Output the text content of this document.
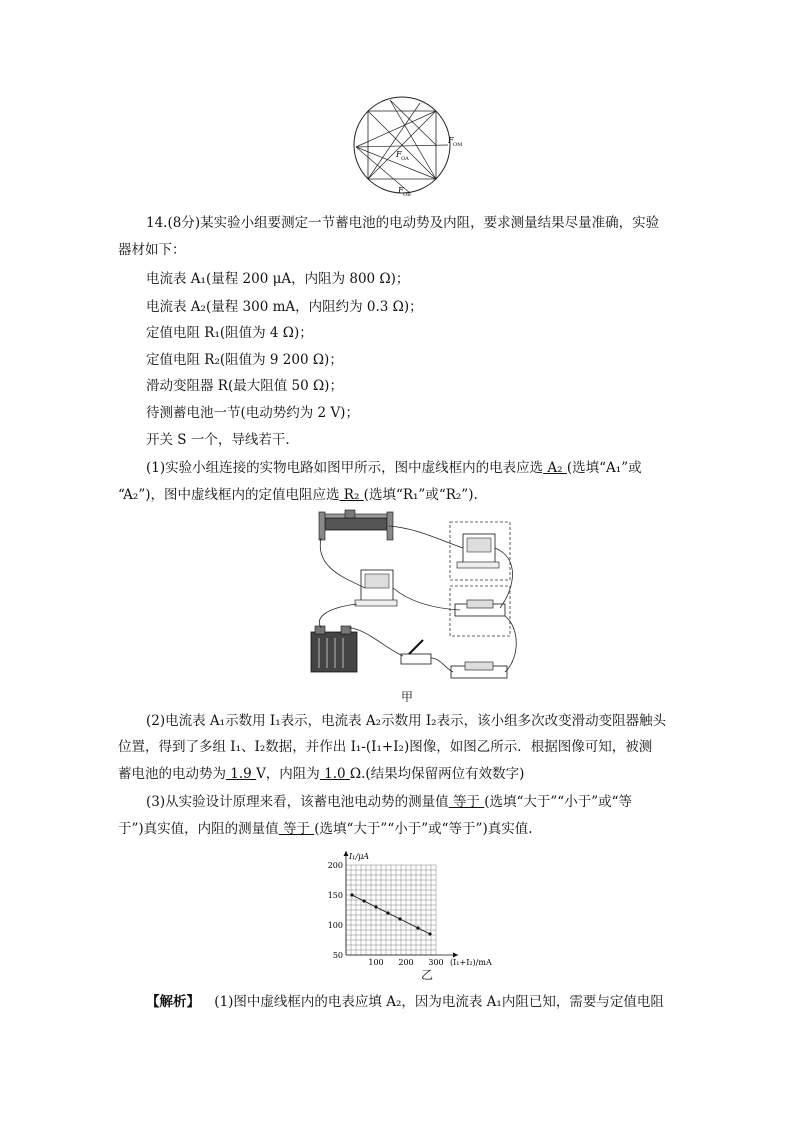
F OM
F OA
F OB
14.(8分)某实验小组要测定一节蓄电池的电动势及内阻，要求测量结果尽量准确，实验
器材如下：
电流表 A₁(量程 200 μA，内阻为 800 Ω)；
电流表 A₂(量程 300 mA，内阻约为 0.3 Ω)；
定值电阻 R₁(阻值为 4 Ω)；
定值电阻 R₂(阻值为 9 200 Ω)；
滑动变阻器 R(最大阻值 50 Ω)；
待测蓄电池一节(电动势约为 2 V)；
开关 S 一个，导线若干.
(1)实验小组连接的实物电路如图甲所示，图中虚线框内的电表应选 A₂ (选填“A₁”或
“A₂”)，图中虚线框内的定值电阻应选 R₂ (选填“R₁”或“R₂”).
甲
(2)电流表 A₁示数用 I₁表示，电流表 A₂示数用 I₂表示，该小组多次改变滑动变阻器触头
位置，得到了多组 I₁、I₂数据，并作出 I₁-(I₁+I₂)图像，如图乙所示．根据图像可知，被测
蓄电池的电动势为 1.9 V，内阻为 1.0 Ω.(结果均保留两位有效数字)
(3)从实验设计原理来看，该蓄电池电动势的测量值 等于 (选填“大于”“小于”或“等
于”)真实值，内阻的测量值 等于 (选填“大于”“小于”或“等于”)真实值.
100 200 300
50
100
150
200
I₁/μA
(I₁+I₂)/mA
乙
【解析】 (1)图中虚线框内的电表应填 A₂，因为电流表 A₁内阻已知，需要与定值电阻
